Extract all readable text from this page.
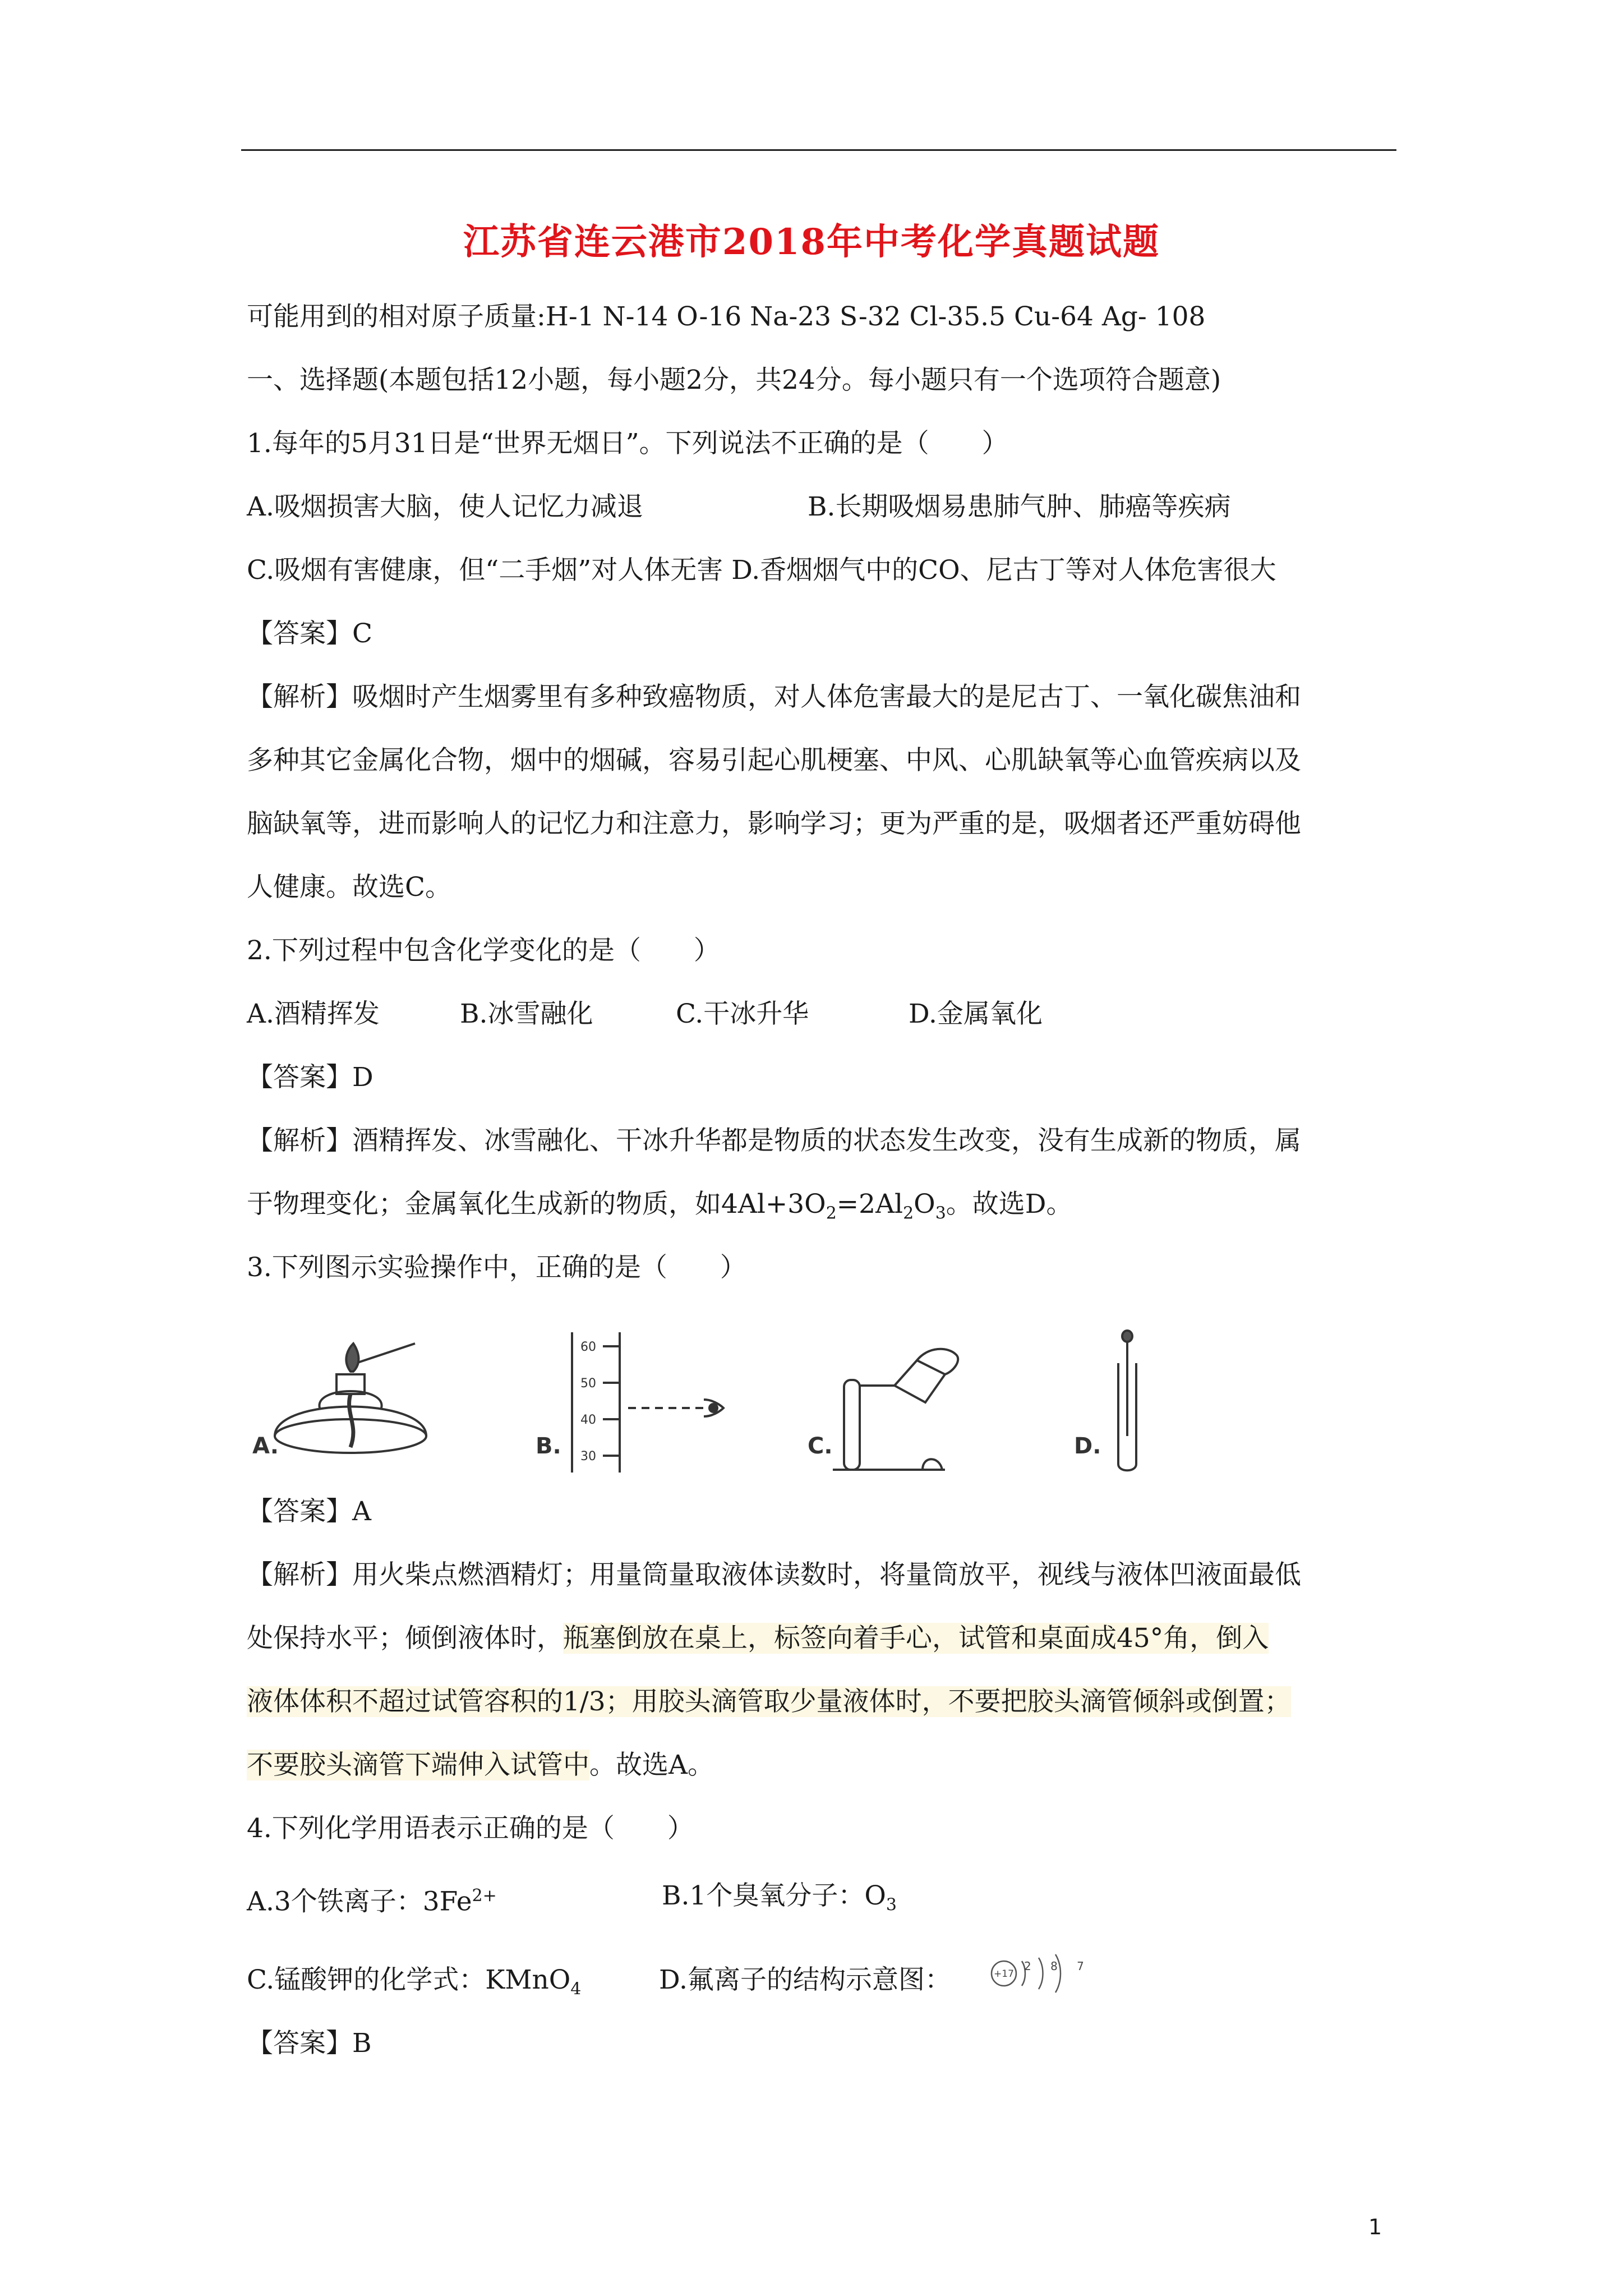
江苏省连云港市2018年中考化学真题试题
可能用到的相对原子质量:H-1 N-14 O-16 Na-23 S-32 Cl-35.5 Cu-64 Ag- 108
一、选择题(本题包括12小题，每小题2分，共24分。每小题只有一个选项符合题意)
1.每年的5月31日是“世界无烟日”。下列说法不正确的是（　　）
A.吸烟损害大脑，使人记忆力减退	B.长期吸烟易患肺气肿、肺癌等疾病
C.吸烟有害健康，但“二手烟”对人体无害 D.香烟烟气中的CO、尼古丁等对人体危害很大
【答案】C
【解析】吸烟时产生烟雾里有多种致癌物质，对人体危害最大的是尼古丁、一氧化碳焦油和
多种其它金属化合物，烟中的烟碱，容易引起心肌梗塞、中风、心肌缺氧等心血管疾病以及
脑缺氧等，进而影响人的记忆力和注意力，影响学习；更为严重的是，吸烟者还严重妨碍他
人健康。故选C。
2.下列过程中包含化学变化的是（　　）
A.酒精挥发	B.冰雪融化	C.干冰升华	D.金属氧化
【答案】D
【解析】酒精挥发、冰雪融化、干冰升华都是物质的状态发生改变，没有生成新的物质，属
于物理变化；金属氧化生成新的物质，如$4Al+3O_2=2Al_2O_3$。故选D。
3.下列图示实验操作中，正确的是（　　）
A.
60
50
40
30
B.	C.	D.
【答案】A
【解析】用火柴点燃酒精灯；用量筒量取液体读数时，将量筒放平，视线与液体凹液面最低
处保持水平；倾倒液体时，瓶塞倒放在桌上，标签向着手心，试管和桌面成45°角，倒入
液体体积不超过试管容积的1/3；用胶头滴管取少量液体时，不要把胶头滴管倾斜或倒置；
不要胶头滴管下端伸入试管中。故选A。
4.下列化学用语表示正确的是（　　）
A.3个铁离子：$3Fe^{2+}$	B.1个臭氧分子：$O_3$
C.锰酸钾的化学式：KMnO$_4$	D.氟离子的结构示意图：	+17
2 8 7
【答案】B
1
